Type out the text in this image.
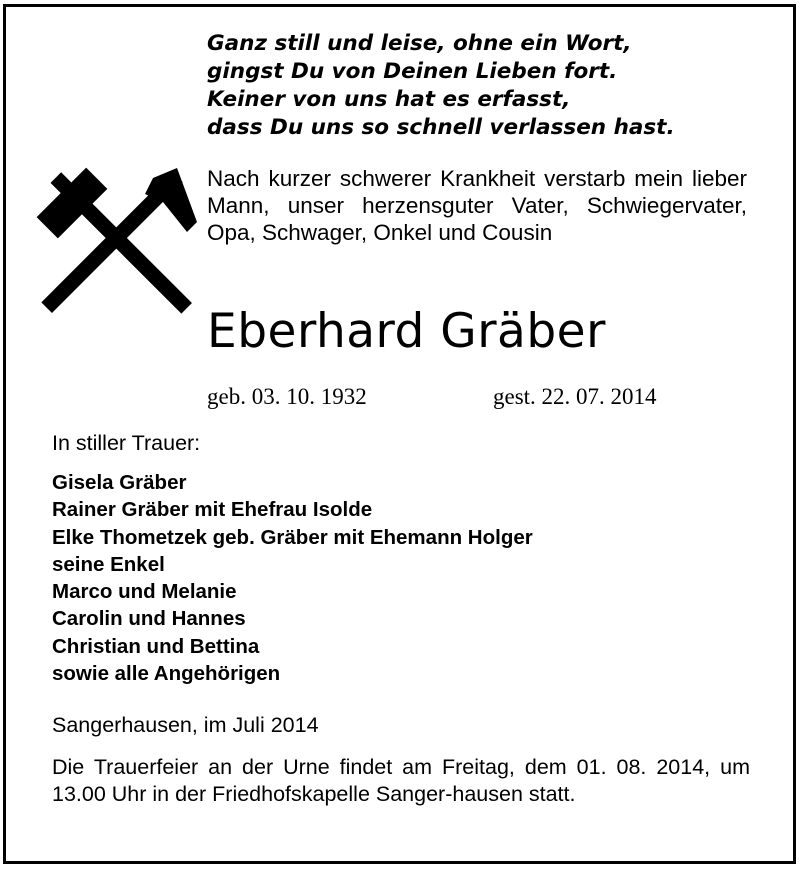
Ganz still und leise, ohne ein Wort,
gingst Du von Deinen Lieben fort.
Keiner von uns hat es erfasst,
dass Du uns so schnell verlassen hast.
Nach kurzer schwerer Krankheit verstarb mein lieber Mann, unser herzensguter Vater, Schwiegervater, Opa, Schwager, Onkel und Cousin
Eberhard Gräber
geb. 03. 10. 1932	gest. 22. 07. 2014
In stiller Trauer:
Gisela Gräber
Rainer Gräber mit Ehefrau Isolde
Elke Thometzek geb. Gräber mit Ehemann Holger
seine Enkel
Marco und Melanie
Carolin und Hannes
Christian und Bettina
sowie alle Angehörigen
Sangerhausen, im Juli 2014
Die Trauerfeier an der Urne findet am Freitag, dem 01. 08. 2014, um 13.00 Uhr in der Friedhofskapelle Sanger-hausen statt.
